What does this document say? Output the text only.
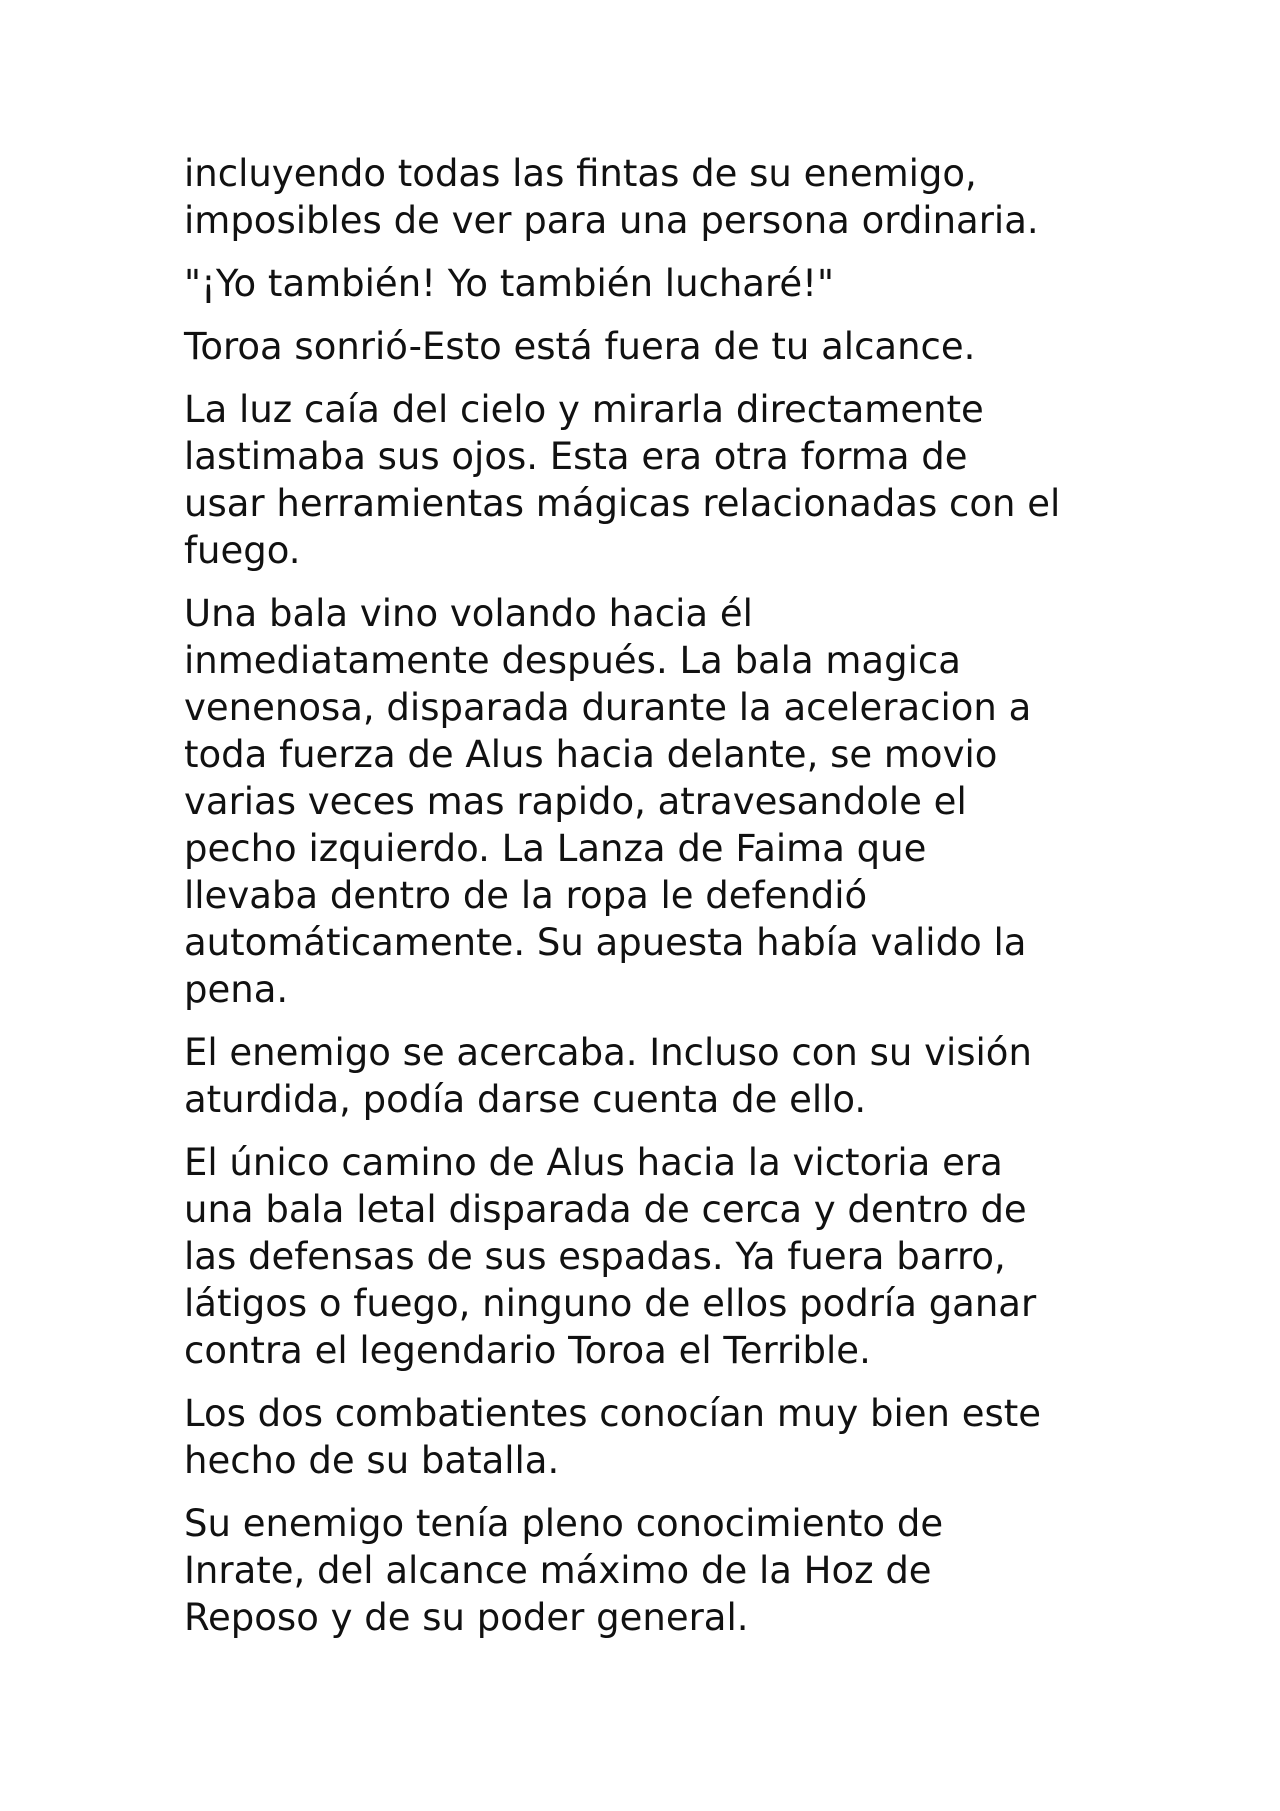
incluyendo todas las fintas de su enemigo,
imposibles de ver para una persona ordinaria.

"¡Yo también! Yo también lucharé!"

Toroa sonrió-Esto está fuera de tu alcance.

La luz caía del cielo y mirarla directamente
lastimaba sus ojos. Esta era otra forma de
usar herramientas mágicas relacionadas con el
fuego.

Una bala vino volando hacia él
inmediatamente después. La bala magica
venenosa, disparada durante la aceleracion a
toda fuerza de Alus hacia delante, se movio
varias veces mas rapido, atravesandole el
pecho izquierdo. La Lanza de Faima que
llevaba dentro de la ropa le defendió
automáticamente. Su apuesta había valido la
pena.

El enemigo se acercaba. Incluso con su visión
aturdida, podía darse cuenta de ello.

El único camino de Alus hacia la victoria era
una bala letal disparada de cerca y dentro de
las defensas de sus espadas. Ya fuera barro,
látigos o fuego, ninguno de ellos podría ganar
contra el legendario Toroa el Terrible.

Los dos combatientes conocían muy bien este
hecho de su batalla.

Su enemigo tenía pleno conocimiento de
Inrate, del alcance máximo de la Hoz de
Reposo y de su poder general.
